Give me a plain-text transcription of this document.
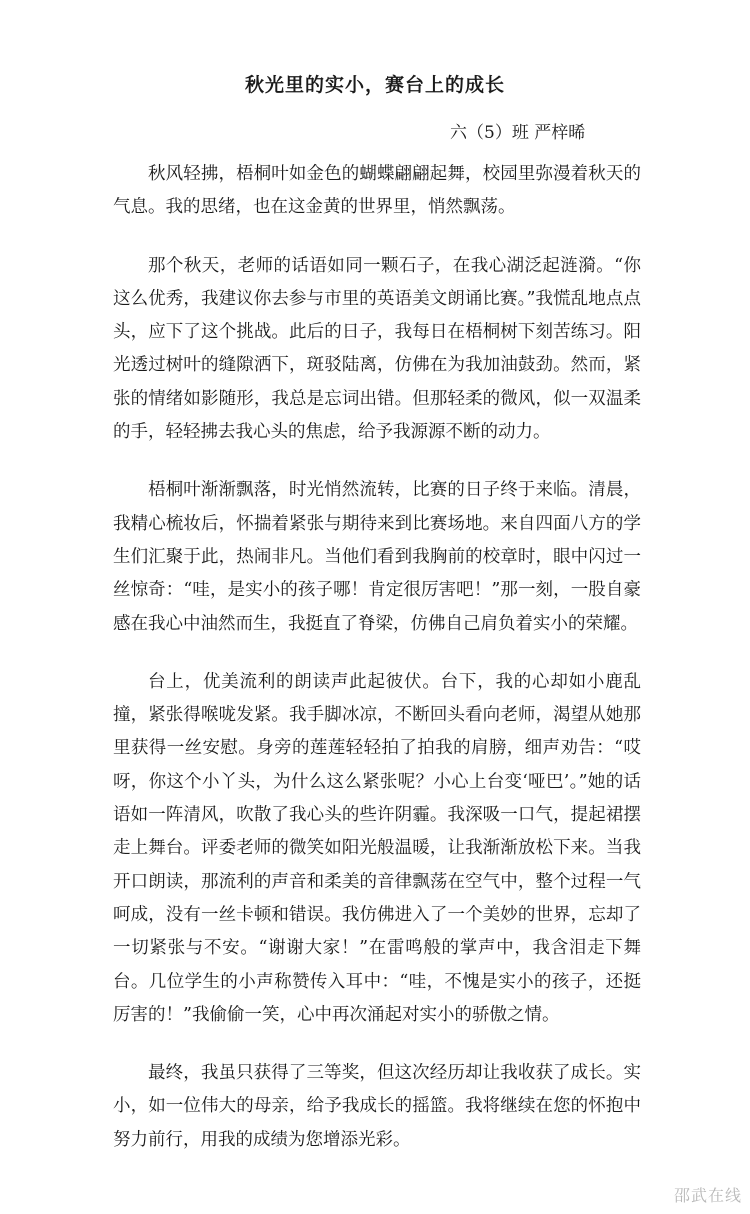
秋光里的实小，赛台上的成长
六（5）班 严梓晞

秋风轻拂，梧桐叶如金色的蝴蝶翩翩起舞，校园里弥漫着秋天的气息。我的思绪，也在这金黄的世界里，悄然飘荡。

那个秋天，老师的话语如同一颗石子，在我心湖泛起涟漪。“你这么优秀，我建议你去参与市里的英语美文朗诵比赛。”我慌乱地点点头，应下了这个挑战。此后的日子，我每日在梧桐树下刻苦练习。阳光透过树叶的缝隙洒下，斑驳陆离，仿佛在为我加油鼓劲。然而，紧张的情绪如影随形，我总是忘词出错。但那轻柔的微风，似一双温柔的手，轻轻拂去我心头的焦虑，给予我源源不断的动力。

梧桐叶渐渐飘落，时光悄然流转，比赛的日子终于来临。清晨，我精心梳妆后，怀揣着紧张与期待来到比赛场地。来自四面八方的学生们汇聚于此，热闹非凡。当他们看到我胸前的校章时，眼中闪过一丝惊奇：“哇，是实小的孩子哪！肯定很厉害吧！”那一刻，一股自豪感在我心中油然而生，我挺直了脊梁，仿佛自己肩负着实小的荣耀。

台上，优美流利的朗读声此起彼伏。台下，我的心却如小鹿乱撞，紧张得喉咙发紧。我手脚冰凉，不断回头看向老师，渴望从她那里获得一丝安慰。身旁的莲莲轻轻拍了拍我的肩膀，细声劝告：“哎呀，你这个小丫头，为什么这么紧张呢？小心上台变‘哑巴’。”她的话语如一阵清风，吹散了我心头的些许阴霾。我深吸一口气，提起裙摆走上舞台。评委老师的微笑如阳光般温暖，让我渐渐放松下来。当我开口朗读，那流利的声音和柔美的音律飘荡在空气中，整个过程一气呵成，没有一丝卡顿和错误。我仿佛进入了一个美妙的世界，忘却了一切紧张与不安。“谢谢大家！”在雷鸣般的掌声中，我含泪走下舞台。几位学生的小声称赞传入耳中：“哇，不愧是实小的孩子，还挺厉害的！”我偷偷一笑，心中再次涌起对实小的骄傲之情。

最终，我虽只获得了三等奖，但这次经历却让我收获了成长。实小，如一位伟大的母亲，给予我成长的摇篮。我将继续在您的怀抱中努力前行，用我的成绩为您增添光彩。

邵武在线
